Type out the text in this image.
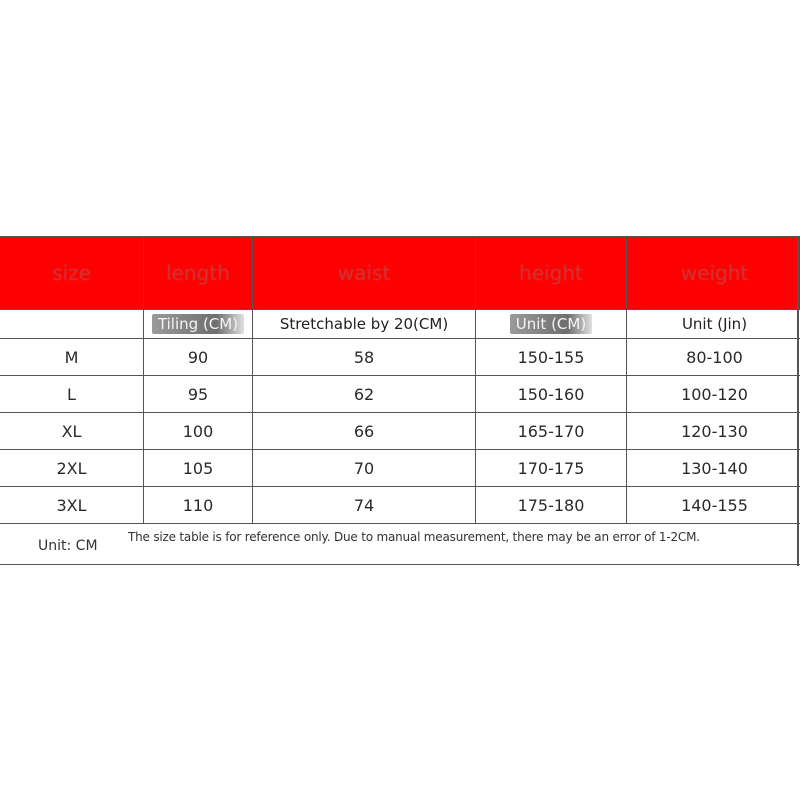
size	length	waist	height	weight
	Tiling (CM)	Stretchable by 20(CM)	Unit (CM)	Unit (Jin)
M	90	58	150-155	80-100
L	95	62	150-160	100-120
XL	100	66	165-170	120-130
2XL	105	70	170-175	130-140
3XL	110	74	175-180	140-155
Unit: CM
The size table is for reference only. Due to manual measurement, there may be an error of 1-2CM.
